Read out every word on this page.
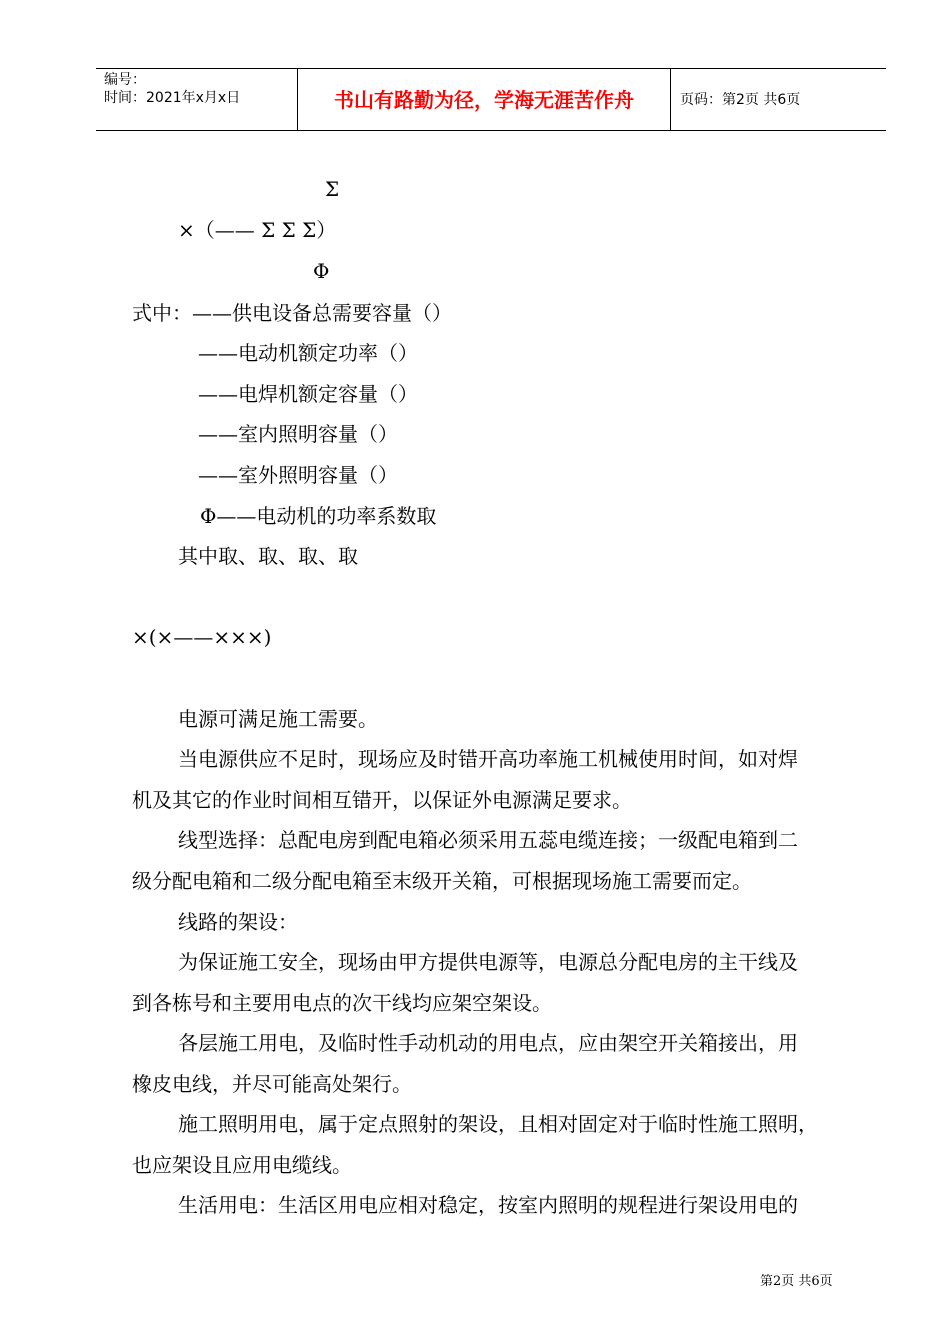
编号：
时间：2021年x月x日	书山有路勤为径，学海无涯苦作舟	页码：第2页 共6页
Σ
×（—— Σ Σ Σ）
Φ
式中：——供电设备总需要容量（）
——电动机额定功率（）
——电焊机额定容量（）
——室内照明容量（）
——室外照明容量（）
Φ——电动机的功率系数取
其中取、取、取、取
×(×——×××)
电源可满足施工需要。
当电源供应不足时，现场应及时错开高功率施工机械使用时间，如对焊
机及其它的作业时间相互错开，以保证外电源满足要求。
线型选择：总配电房到配电箱必须采用五蕊电缆连接；一级配电箱到二
级分配电箱和二级分配电箱至末级开关箱，可根据现场施工需要而定。
线路的架设：
为保证施工安全，现场由甲方提供电源等，电源总分配电房的主干线及
到各栋号和主要用电点的次干线均应架空架设。
各层施工用电，及临时性手动机动的用电点，应由架空开关箱接出，用
橡皮电线，并尽可能高处架行。
施工照明用电，属于定点照射的架设，且相对固定对于临时性施工照明，
也应架设且应用电缆线。
生活用电：生活区用电应相对稳定，按室内照明的规程进行架设用电的
第2页 共6页
